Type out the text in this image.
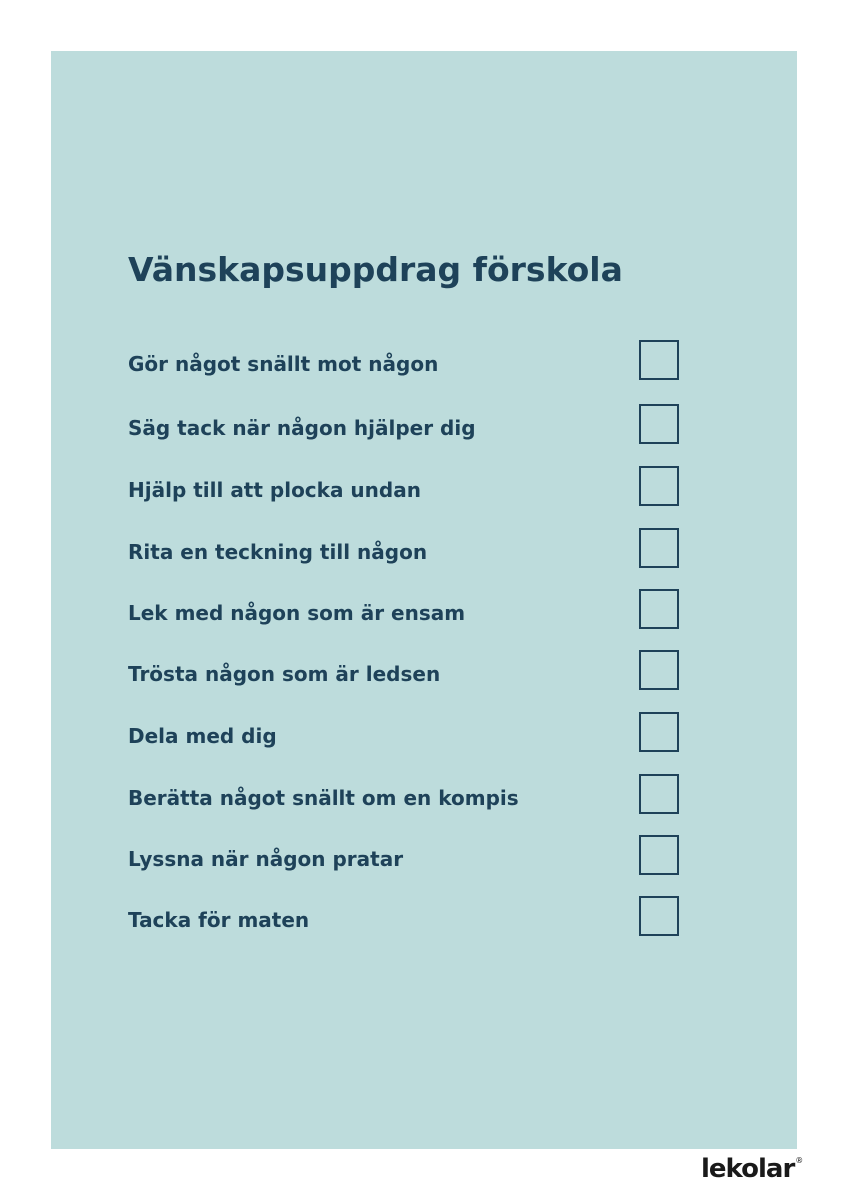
Vänskapsuppdrag förskola
Gör något snällt mot någon
Säg tack när någon hjälper dig
Hjälp till att plocka undan
Rita en teckning till någon
Lek med någon som är ensam
Trösta någon som är ledsen
Dela med dig
Berätta något snällt om en kompis
Lyssna när någon pratar
Tacka för maten
lekolar®
